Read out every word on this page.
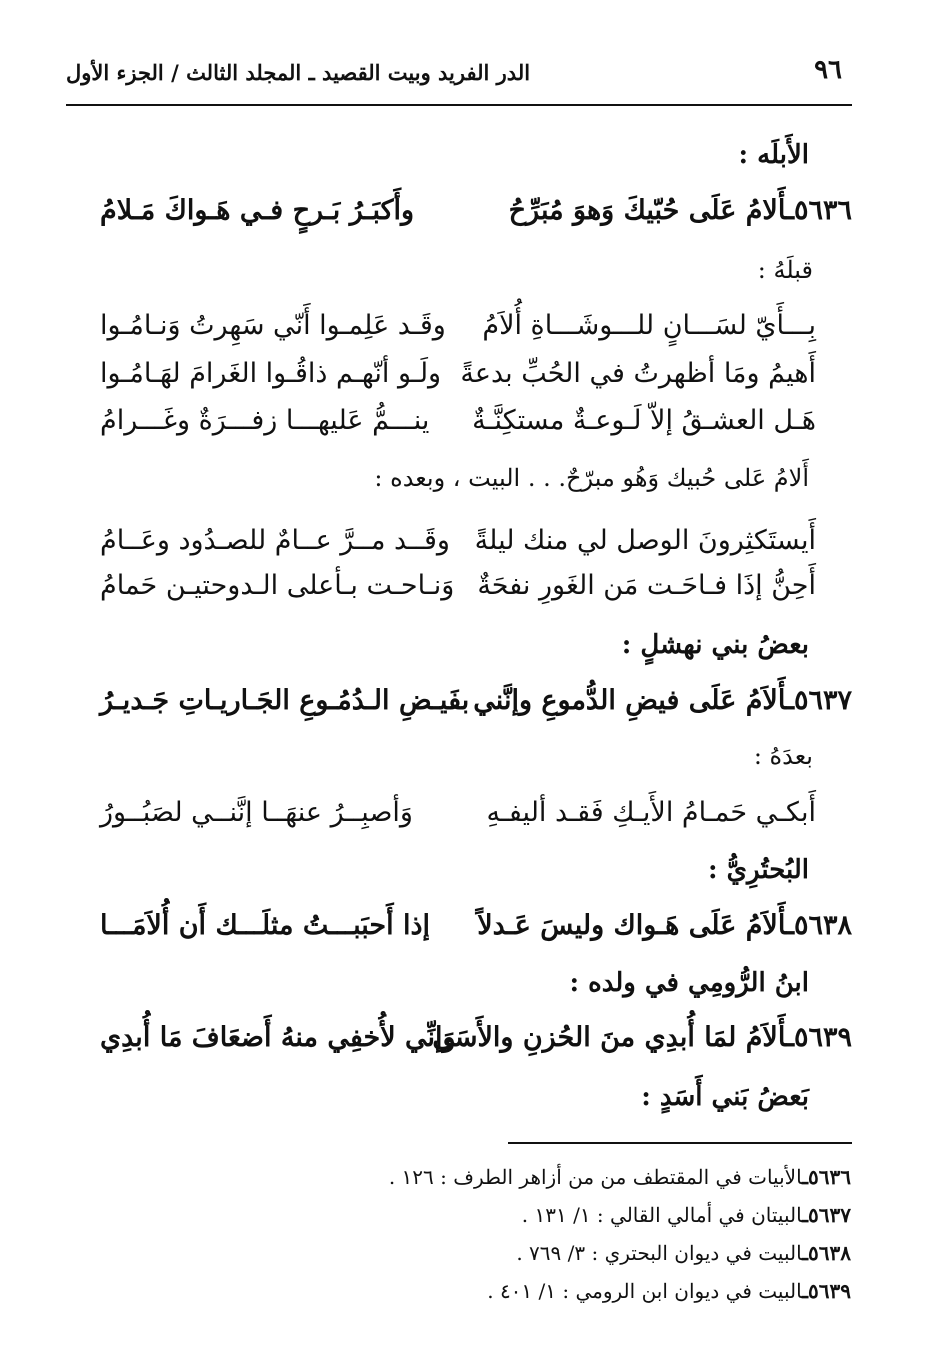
٩٦
الدر الفريد وبيت القصيد ـ المجلد الثالث / الجزء الأول
الأَبلَه :
٥٦٣٦ـأَلامُ عَلَى حُبّيكَ وَهوَ مُبَرِّحُ
وأَكبَـرُ بَـرحٍ فـي هَـواكَ مَـلامُ
قبلَهُ :
بِـــأَيّ لسَـــانٍ للـــوشَـــاةِ أُلاَمُ
وقَـد عَلِمـوا أَنّي سَهِرتُ وَنـامُـوا
أَهيمُ ومَا أظهرتُ في الحُبِّ بدعةً
ولَـو أنّهـم ذاقُـوا الغَرامَ لهَـامُـوا
هَـل العشـقُ إلاّ لَـوعـةٌ مستكِنَّـةٌ
ينـــمُّ عَليهـــا زفـــرَةٌ وغَـــرامُ
أَلامُ عَلى حُبيك وَهُو مبرّحٌ. . . البيت ، وبعده :
أَيستَكثِرونَ الوصل لي منك ليلةً
وقَــد مــرَّ عــامٌ للصـدُود وعَــامُ
أَحِنُّ إذَا فـاحَـت مَن الغَورِ نفحَةٌ
وَنـاحـت بـأعلى الـدوحتيـن حَمامُ
بعضُ بني نهشلٍ :
٥٦٣٧ـأَلاَمُ عَلَى فيضِ الدُّموعِ وإنَّني
بفَيـضِ الـدُمُـوعِ الجَـاريـاتِ جَـديـرُ
بعدَهُ :
أَبكـي حَمـامُ الأَيـكِ فَقـد أليفـهِ
وَأصبِــرُ عنهَــا إنَّنــي لصَبُــورُ
البُحتُرِيُّ :
٥٦٣٨ـأَلاَمُ عَلَى هَـواك وليسَ عَـدلاً
إذا أَحبَبـــتُ مثلَـــك أَن أُلاَمَـــا
ابنُ الرُّومِي في ولده :
٥٦٣٩ـأَلاَمُ لمَا أُبدِي منَ الحُزنِ والأَسَى
وَإنِّي لأُخفِي منهُ أَضعَافَ مَا أُبدِي
بَعضُ بَني أَسَدٍ :
٥٦٣٦ـالأبيات في المقتطف من من أزاهر الطرف : ١٢٦ .
٥٦٣٧ـالبيتان في أمالي القالي : ١/ ١٣١ .
٥٦٣٨ـالبيت في ديوان البحتري : ٣/ ٧٦٩ .
٥٦٣٩ـالبيت في ديوان ابن الرومي : ١/ ٤٠١ .
